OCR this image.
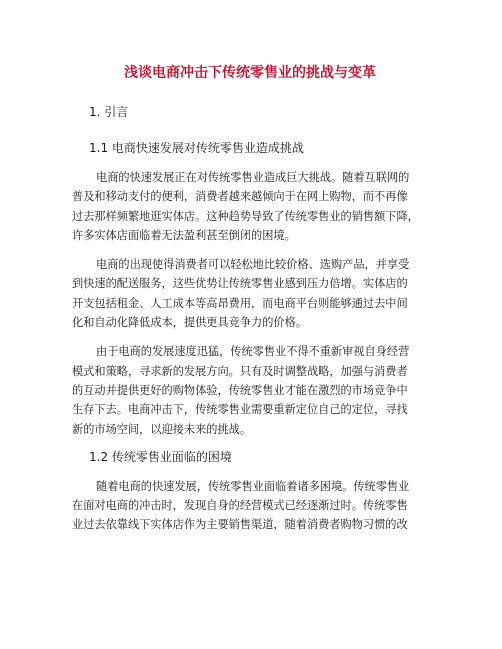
浅谈电商冲击下传统零售业的挑战与变革
1. 引言
1.1 电商快速发展对传统零售业造成挑战
电商的快速发展正在对传统零售业造成巨大挑战。随着互联网的
普及和移动支付的便利，消费者越来越倾向于在网上购物，而不再像
过去那样频繁地逛实体店。这种趋势导致了传统零售业的销售额下降，
许多实体店面临着无法盈利甚至倒闭的困境。
电商的出现使得消费者可以轻松地比较价格、选购产品，并享受
到快速的配送服务，这些优势让传统零售业感到压力倍增。实体店的
开支包括租金、人工成本等高昂费用，而电商平台则能够通过去中间
化和自动化降低成本，提供更具竞争力的价格。
由于电商的发展速度迅猛，传统零售业不得不重新审视自身经营
模式和策略，寻求新的发展方向。只有及时调整战略，加强与消费者
的互动并提供更好的购物体验，传统零售业才能在激烈的市场竞争中
生存下去。电商冲击下，传统零售业需要重新定位自己的定位，寻找
新的市场空间，以迎接未来的挑战。
1.2 传统零售业面临的困境
随着电商的快速发展，传统零售业面临着诸多困境。传统零售业
在面对电商的冲击时，发现自身的经营模式已经逐渐过时。传统零售
业过去依靠线下实体店作为主要销售渠道，随着消费者购物习惯的改
